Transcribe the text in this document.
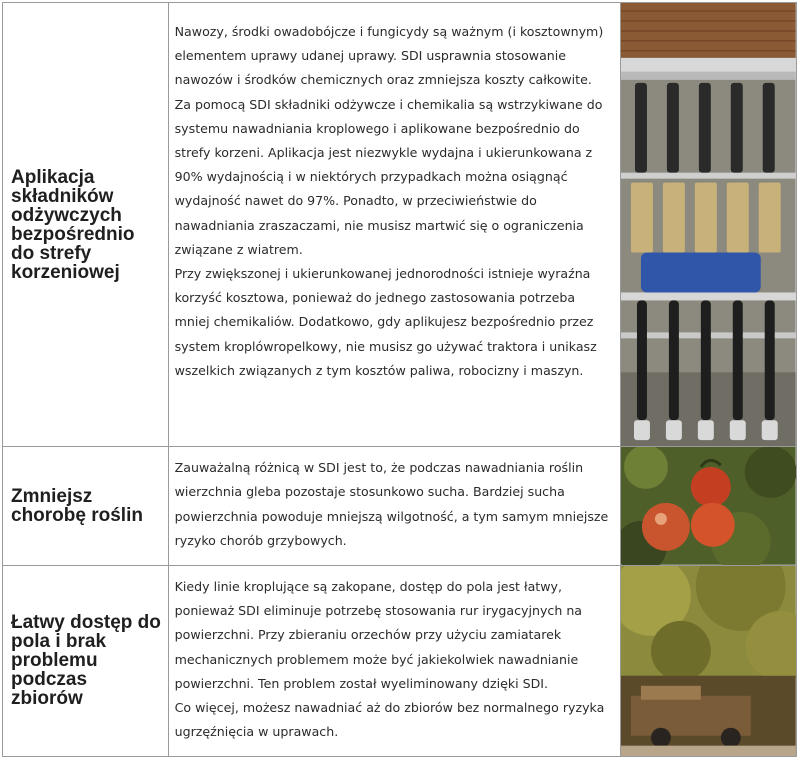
Aplikacja składników odżywczych bezpośrednio do strefy korzeniowej	Nawozy, środki owadobójcze i fungicydy są ważnym (i kosztownym) elementem uprawy udanej uprawy. SDI usprawnia stosowanie nawozów i środków chemicznych oraz zmniejsza koszty całkowite.

Za pomocą SDI składniki odżywcze i chemikalia są wstrzykiwane do systemu nawadniania kroplowego i aplikowane bezpośrednio do strefy korzeni. Aplikacja jest niezwykle wydajna i ukierunkowana z 90% wydajnością i w niektórych przypadkach można osiągnąć wydajność nawet do 97%. Ponadto, w przeciwieństwie do nawadniania zraszaczami, nie musisz martwić się o ograniczenia związane z wiatrem.

Przy zwiększonej i ukierunkowanej jednorodności istnieje wyraźna korzyść kosztowa, ponieważ do jednego zastosowania potrzeba mniej chemikaliów. Dodatkowo, gdy aplikujesz bezpośrednio przez system kroplówropelkowy, nie musisz go używać traktora i unikasz wszelkich związanych z tym kosztów paliwa, robocizny i maszyn.

Zmniejsz chorobę roślin	Zauważalną różnicą w SDI jest to, że podczas nawadniania roślin wierzchnia gleba pozostaje stosunkowo sucha. Bardziej sucha powierzchnia powoduje mniejszą wilgotność, a tym samym mniejsze ryzyko chorób grzybowych.

Łatwy dostęp do pola i brak problemu podczas zbiorów	Kiedy linie kroplujące są zakopane, dostęp do pola jest łatwy, ponieważ SDI eliminuje potrzebę stosowania rur irygacyjnych na powierzchni. Przy zbieraniu orzechów przy użyciu zamiatarek mechanicznych problemem może być jakiekolwiek nawadnianie powierzchni. Ten problem został wyeliminowany dzięki SDI.

Co więcej, możesz nawadniać aż do zbiorów bez normalnego ryzyka ugrzęźnięcia w uprawach.
